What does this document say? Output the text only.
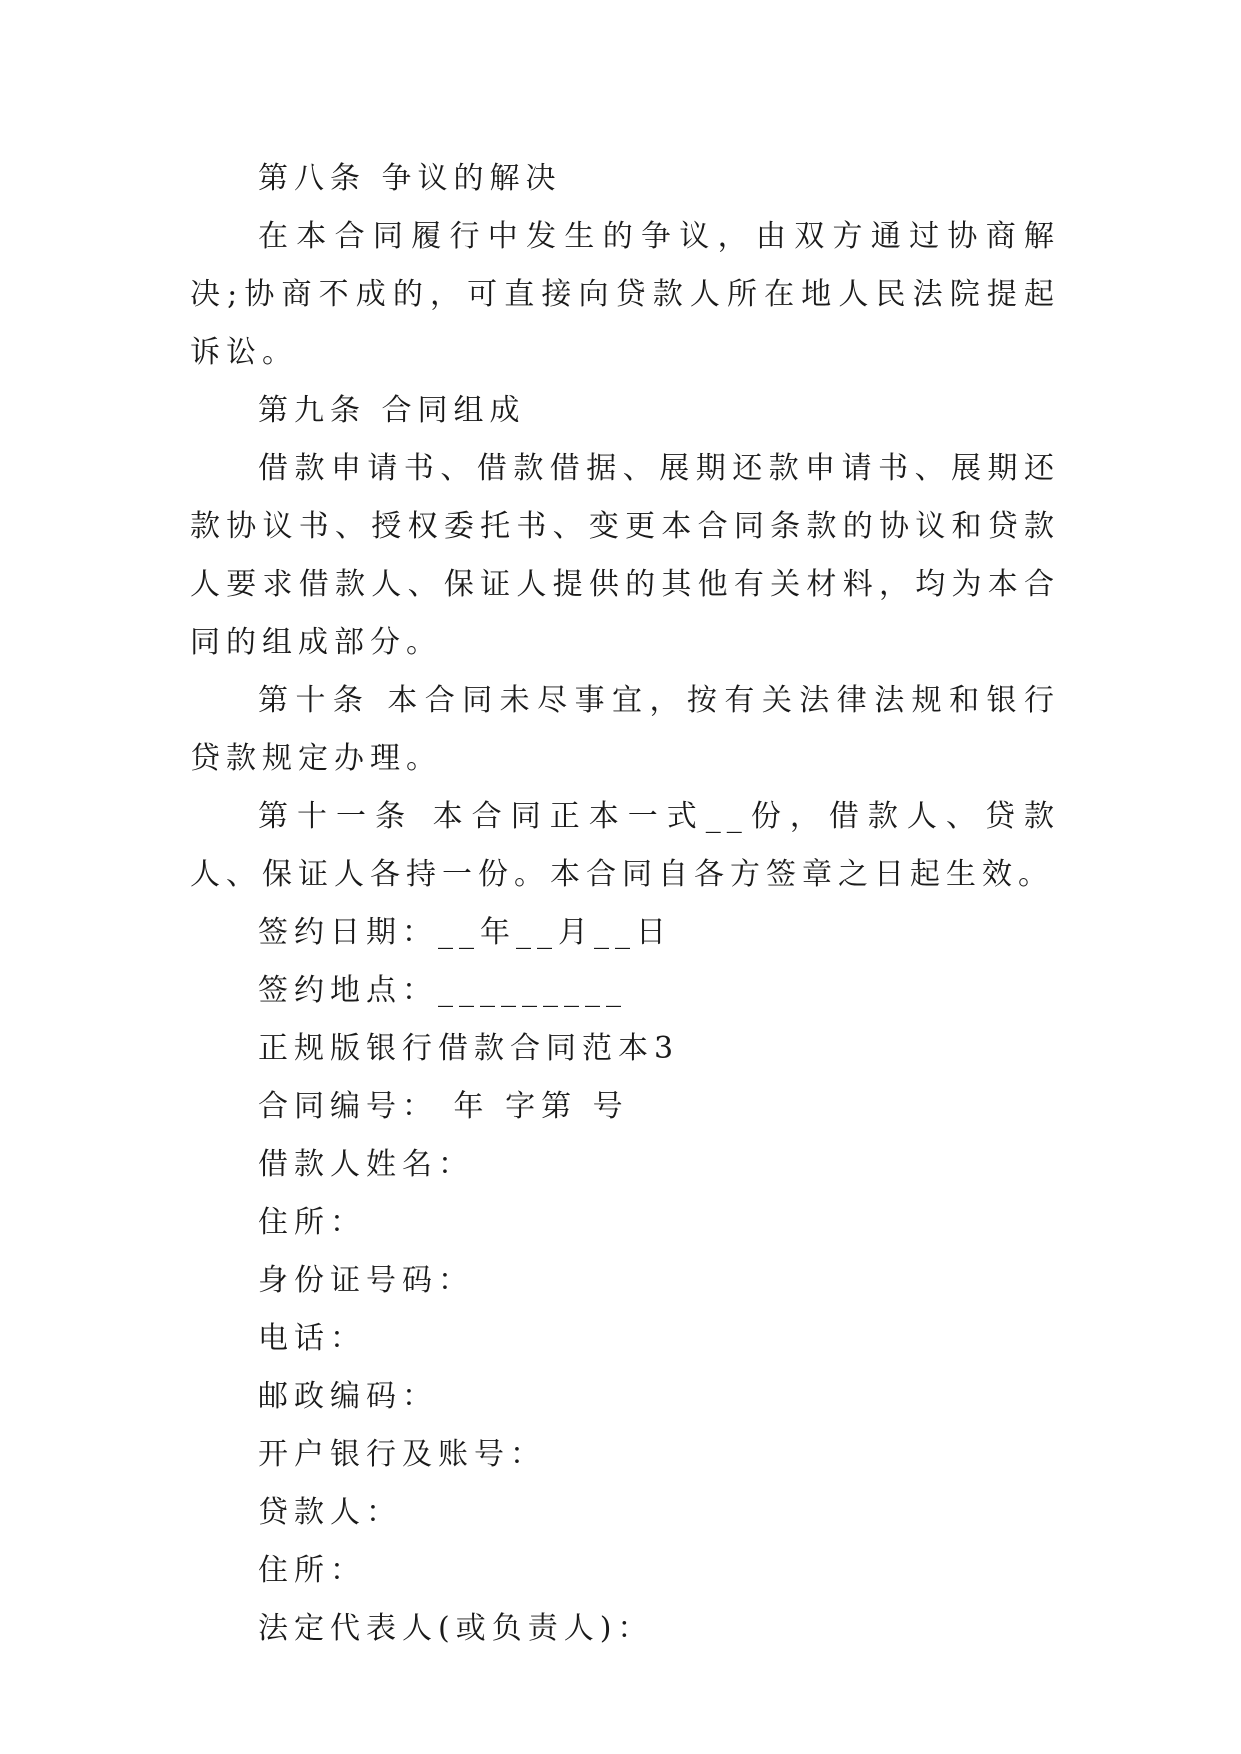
第八条 争议的解决

在本合同履行中发生的争议，由双方通过协商解决;协商不成的，可直接向贷款人所在地人民法院提起诉讼。

第九条 合同组成

借款申请书、借款借据、展期还款申请书、展期还款协议书、授权委托书、变更本合同条款的协议和贷款人要求借款人、保证人提供的其他有关材料，均为本合同的组成部分。

第十条 本合同未尽事宜，按有关法律法规和银行贷款规定办理。

第十一条 本合同正本一式__份，借款人、贷款人、保证人各持一份。本合同自各方签章之日起生效。

签约日期：__年__月__日

签约地点：_________

正规版银行借款合同范本3

合同编号： 年 字第 号

借款人姓名：

住所：

身份证号码：

电话：

邮政编码：

开户银行及账号：

贷款人：

住所：

法定代表人(或负责人)：
